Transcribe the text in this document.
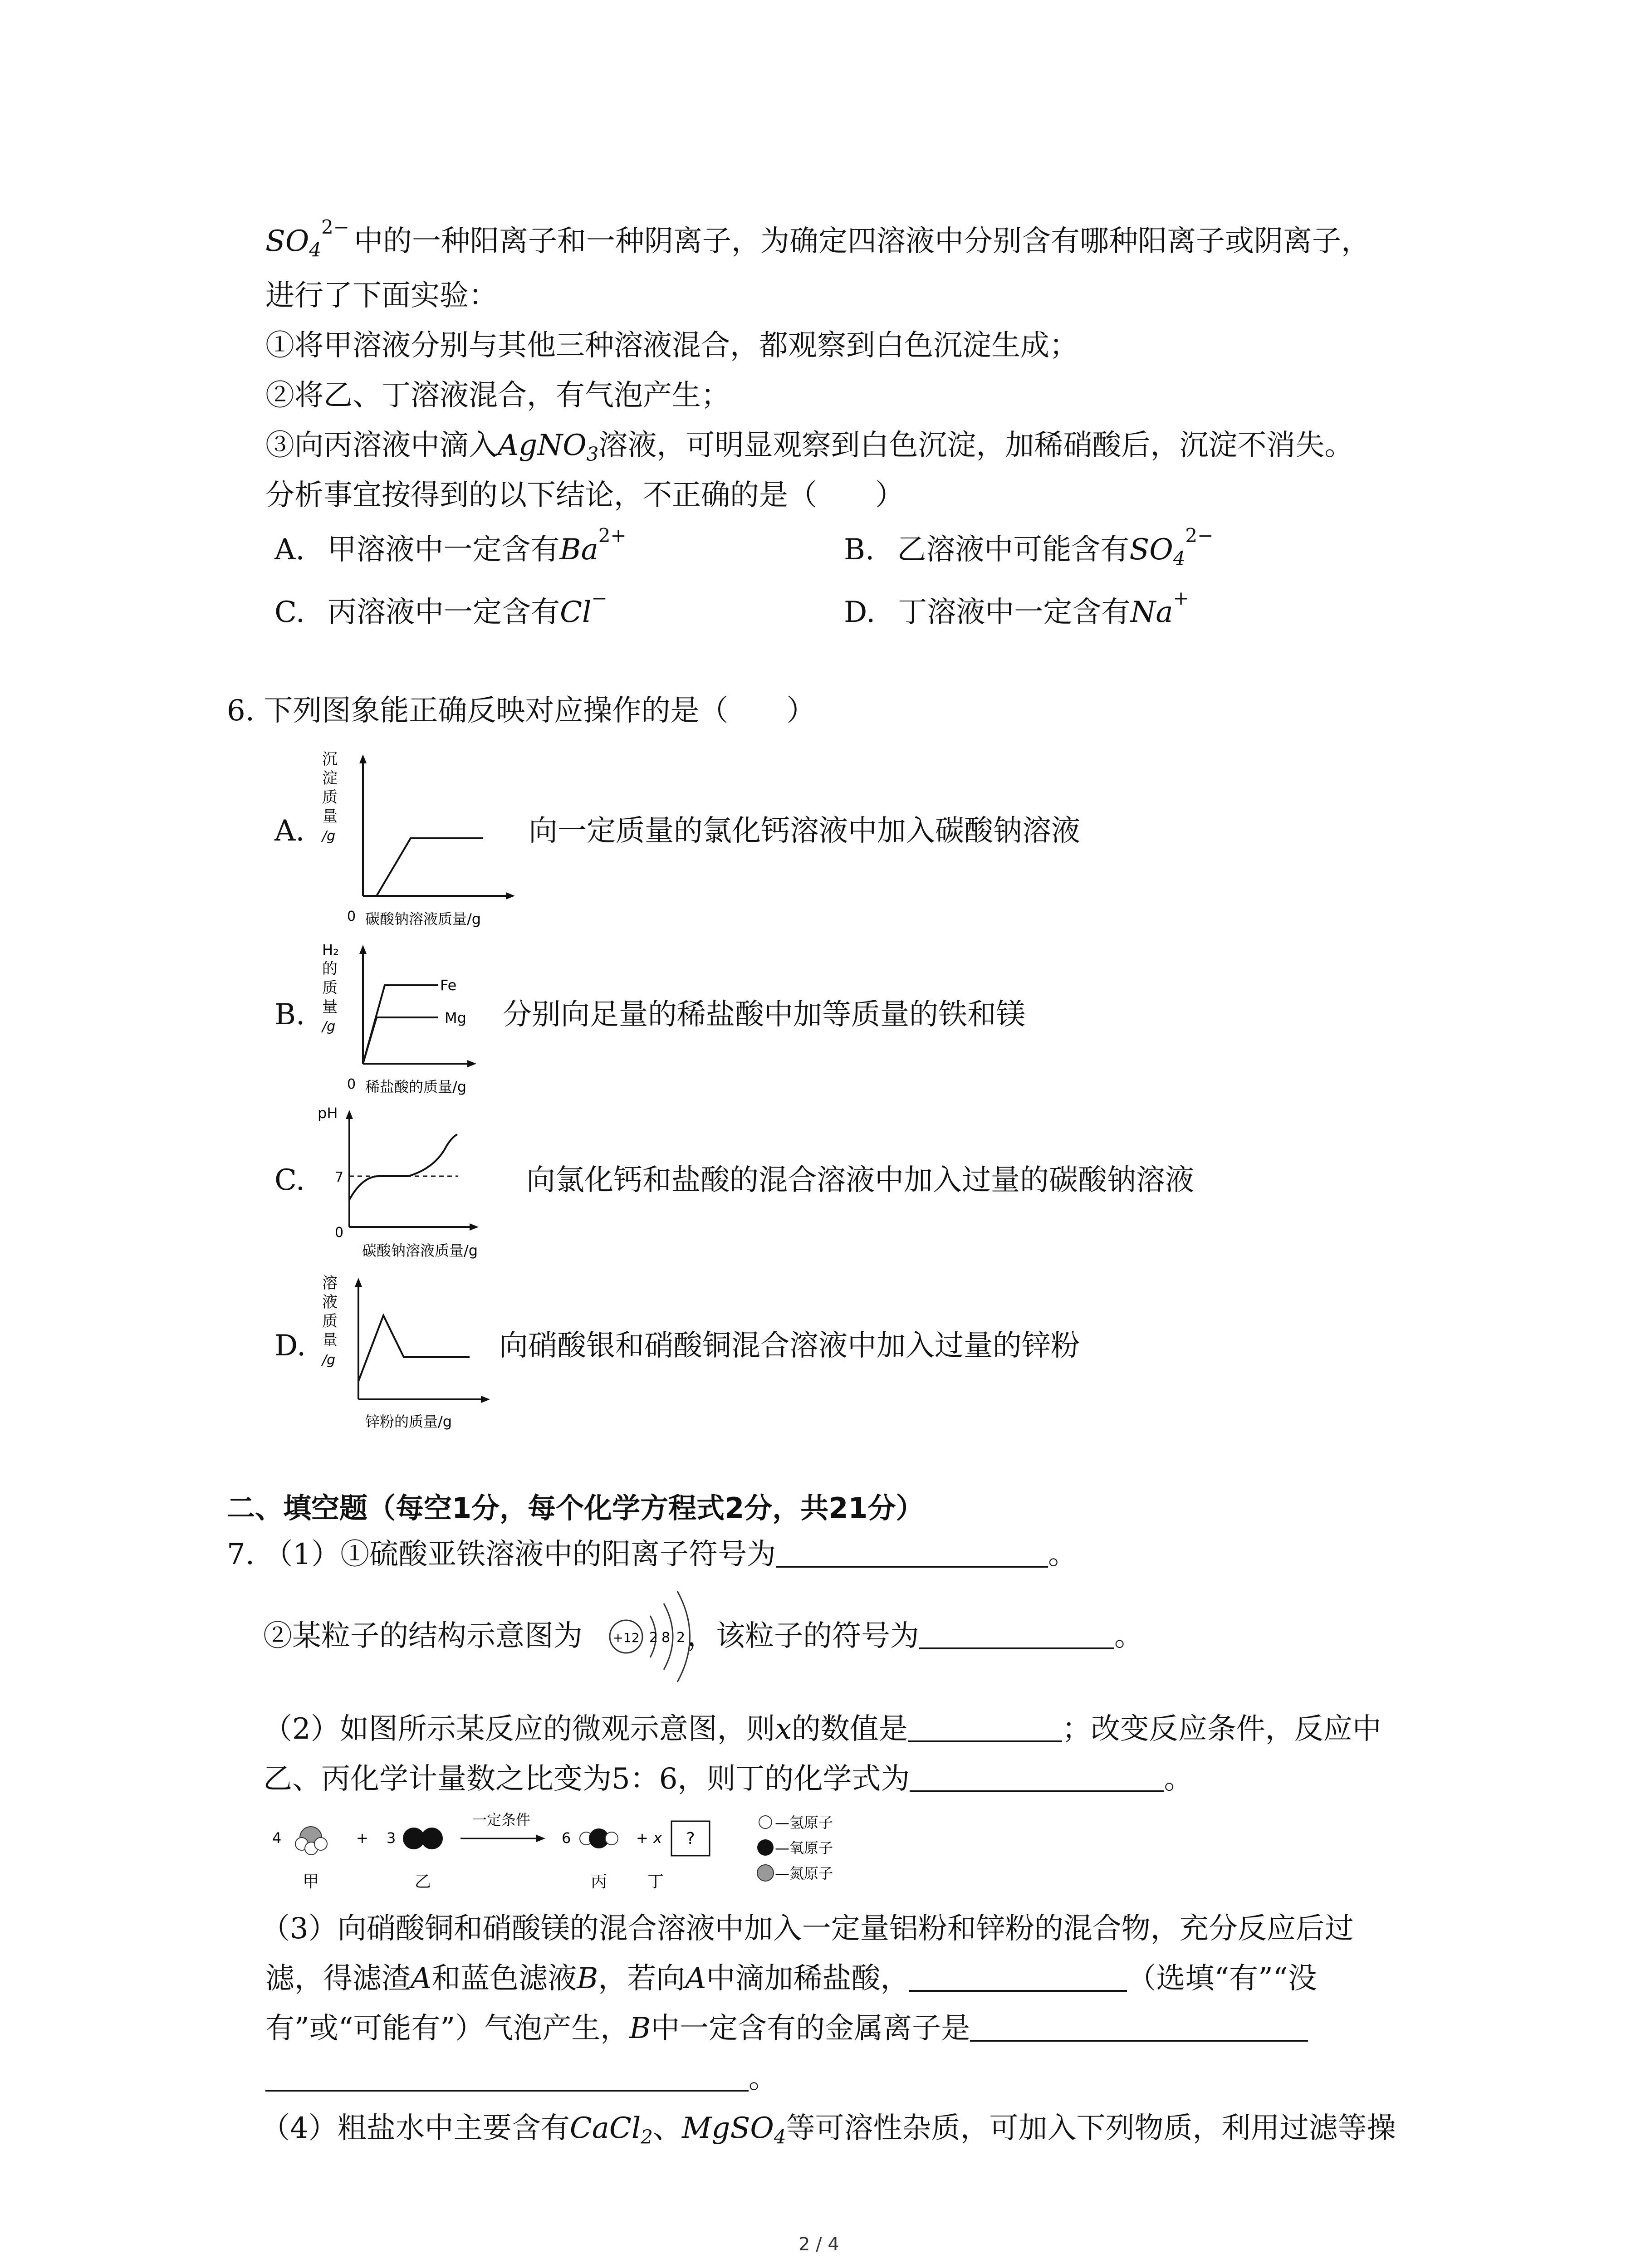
$SO_4^{2-}$ 中的一种阳离子和一种阴离子，为确定四溶液中分别含有哪种阳离子或阴离子，
进行了下面实验：
①将甲溶液分别与其他三种溶液混合，都观察到白色沉淀生成；
②将乙、丁溶液混合，有气泡产生；
③向丙溶液中滴入AgNO$_3$溶液，可明显观察到白色沉淀，加稀硝酸后，沉淀不消失。
分析事宜按得到的以下结论，不正确的是（　　）
A. 甲溶液中一定含有$Ba^{2+}$	B. 乙溶液中可能含有$SO_4^{2-}$
C. 丙溶液中一定含有Cl−	D. 丁溶液中一定含有Na+
6. 下列图象能正确反映对应操作的是（　　）
A.
沉
淀
质
量
/g
0 碳酸钠溶液质量/g
向一定质量的氯化钙溶液中加入碳酸钠溶液
B.
H₂
的
质
量
/g
Fe
Mg
0 稀盐酸的质量/g
分别向足量的稀盐酸中加等质量的铁和镁
C.
pH
7
0
碳酸钠溶液质量/g
向氯化钙和盐酸的混合溶液中加入过量的碳酸钠溶液
D.
溶
液
质
量
/g
锌粉的质量/g
向硝酸银和硝酸铜混合溶液中加入过量的锌粉
二、填空题（每空1分，每个化学方程式2分，共21分）
7. （1）①硫酸亚铁溶液中的阳离子符号为	。
②某粒子的结构示意图为	，该粒子的符号为	。
+12 2 8 2
（2）如图所示某反应的微观示意图，则x的数值是	；改变反应条件，反应中
乙、丙化学计量数之比变为5：6，则丁的化学式为	。
4	+ 3
一定条件
6	+ x ?
—氢原子
—氧原子
—氮原子
甲	乙	丙 丁
（3）向硝酸铜和硝酸镁的混合溶液中加入一定量铝粉和锌粉的混合物，充分反应后过
滤，得滤渣A和蓝色滤液B，若向A中滴加稀盐酸，	（选填“有”“没
有”或“可能有”）气泡产生，B中一定含有的金属离子是
。
（4）粗盐水中主要含有CaCl$_2$、MgSO$_4$等可溶性杂质，可加入下列物质，利用过滤等操
2 / 4
